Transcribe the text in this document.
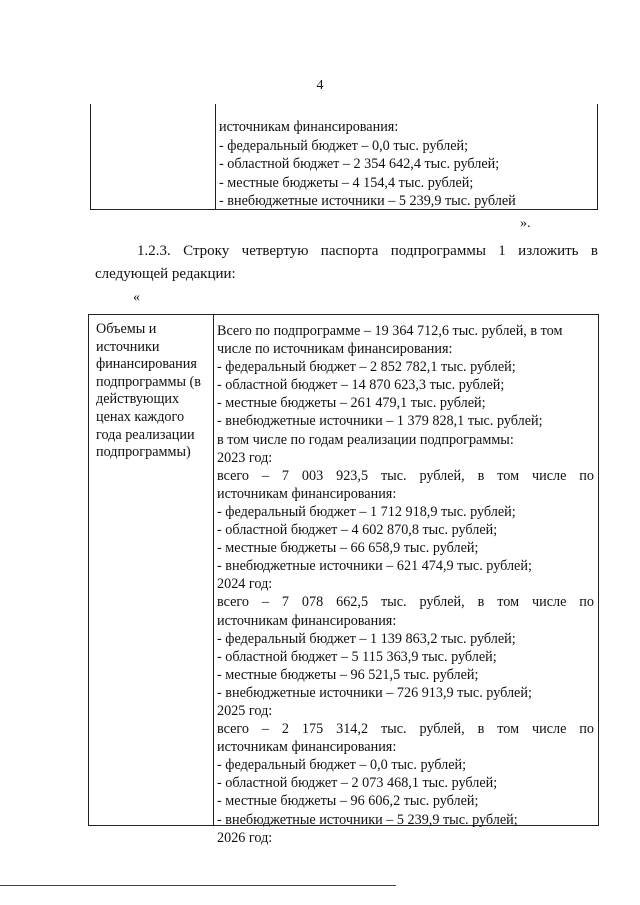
4
источникам финансирования:
- федеральный бюджет – 0,0 тыс. рублей;
- областной бюджет – 2 354 642,4 тыс. рублей;
- местные бюджеты – 4 154,4 тыс. рублей;
- внебюджетные источники – 5 239,9 тыс. рублей
».
1.2.3. Строку четвертую паспорта подпрограммы 1 изложить в
следующей редакции:
«
Объемы и
источники
финансирования
подпрограммы (в
действующих
ценах каждого
года реализации
подпрограммы)
Всего по подпрограмме – 19 364 712,6 тыс. рублей, в том
числе по источникам финансирования:
- федеральный бюджет – 2 852 782,1 тыс. рублей;
- областной бюджет – 14 870 623,3 тыс. рублей;
- местные бюджеты – 261 479,1 тыс. рублей;
- внебюджетные источники – 1 379 828,1 тыс. рублей;
в том числе по годам реализации подпрограммы:
2023 год:
всего – 7 003 923,5 тыс. рублей, в том числе по
источникам финансирования:
- федеральный бюджет – 1 712 918,9 тыс. рублей;
- областной бюджет – 4 602 870,8 тыс. рублей;
- местные бюджеты – 66 658,9 тыс. рублей;
- внебюджетные источники – 621 474,9 тыс. рублей;
2024 год:
всего – 7 078 662,5 тыс. рублей, в том числе по
источникам финансирования:
- федеральный бюджет – 1 139 863,2 тыс. рублей;
- областной бюджет – 5 115 363,9 тыс. рублей;
- местные бюджеты – 96 521,5 тыс. рублей;
- внебюджетные источники – 726 913,9 тыс. рублей;
2025 год:
всего – 2 175 314,2 тыс. рублей, в том числе по
источникам финансирования:
- федеральный бюджет – 0,0 тыс. рублей;
- областной бюджет – 2 073 468,1 тыс. рублей;
- местные бюджеты – 96 606,2 тыс. рублей;
- внебюджетные источники – 5 239,9 тыс. рублей;
2026 год:
